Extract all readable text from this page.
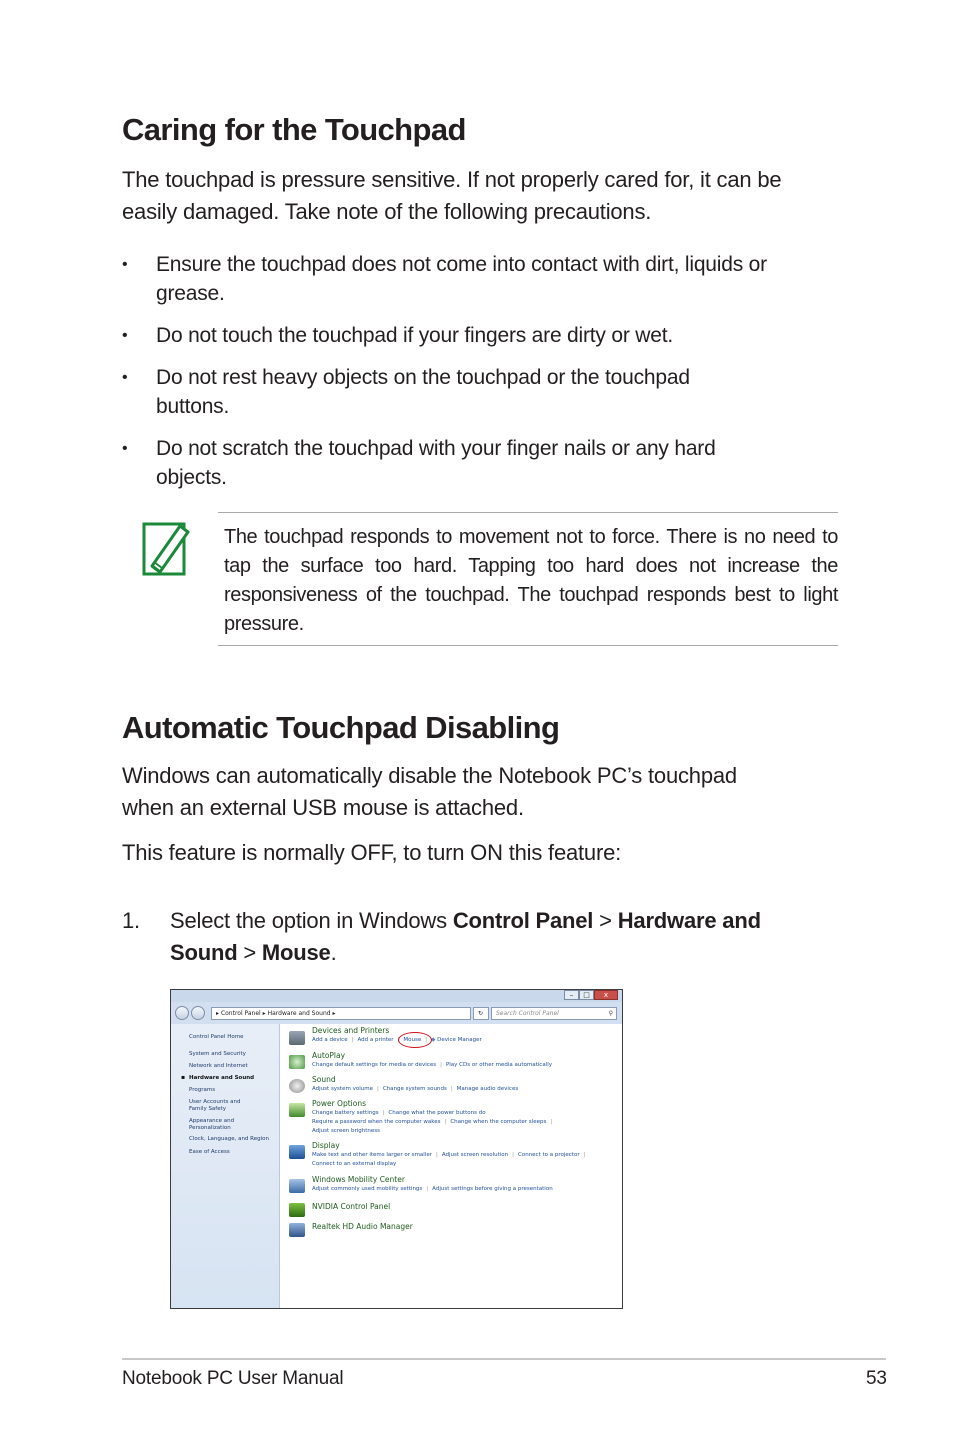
Caring for the Touchpad
The touchpad is pressure sensitive. If not properly cared for, it can be
easily damaged. Take note of the following precautions.
• Ensure the touchpad does not come into contact with dirt, liquids or
grease.
• Do not touch the touchpad if your fingers are dirty or wet.
• Do not rest heavy objects on the touchpad or the touchpad
buttons.
• Do not scratch the touchpad with your finger nails or any hard
objects.
The touchpad responds to movement not to force. There is no need to tap the surface too hard. Tapping too hard does not increase the responsiveness of the touchpad. The touchpad responds best to light pressure.
Automatic Touchpad Disabling
Windows can automatically disable the Notebook PC’s touchpad
when an external USB mouse is attached.
This feature is normally OFF, to turn ON this feature:
1. Select the option in Windows Control Panel > Hardware and
Sound > Mouse.
–	□	x
▸ Control Panel ▸ Hardware and Sound ▸	↻	Search Control Panel	⚲
Control Panel Home
System and Security
Network and Internet
▪ Hardware and Sound
Programs
User Accounts and Family Safety
Appearance and Personalization
Clock, Language, and Region
Ease of Access
Devices and Printers
Add a device | Add a printer | Mouse | ◆ Device Manager
AutoPlay
Change default settings for media or devices | Play CDs or other media automatically
Sound
Adjust system volume | Change system sounds | Manage audio devices
Power Options
Change battery settings | Change what the power buttons do
Require a password when the computer wakes | Change when the computer sleeps |
Adjust screen brightness
Display
Make text and other items larger or smaller | Adjust screen resolution | Connect to a projector |
Connect to an external display
Windows Mobility Center
Adjust commonly used mobility settings | Adjust settings before giving a presentation
NVIDIA Control Panel
Realtek HD Audio Manager
Notebook PC User Manual	53
